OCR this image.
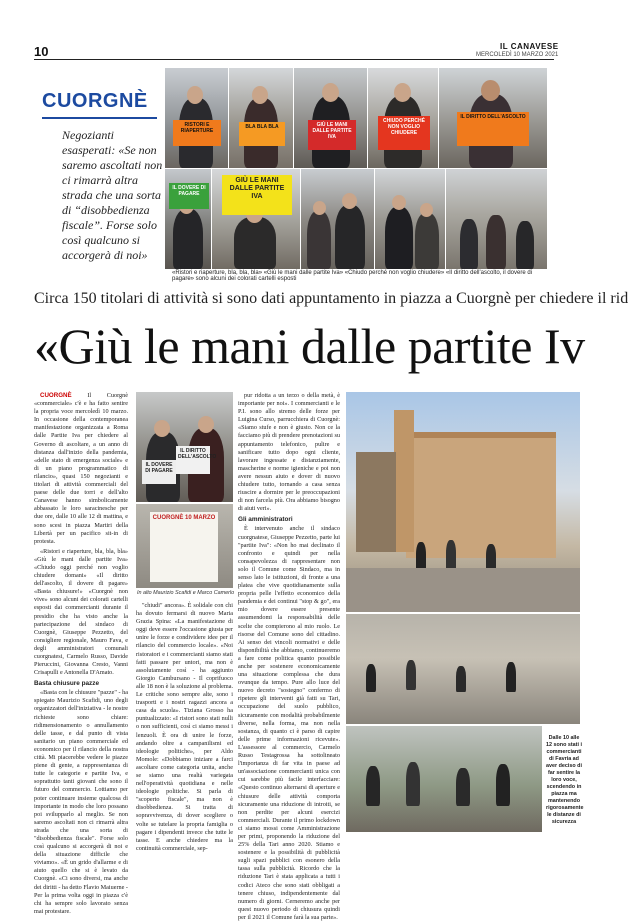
10	IL CANAVESE
MERCOLEDÌ 10 MARZO 2021
CUORGNÈ
Negozianti esasperati: «Se non saremo ascoltati non ci rimarrà altra strada che una sorta di “disobbedienza fiscale”. Forse solo così qualcuno si accorgerà di noi»
RISTORI E RIAPERTURE
BLA BLA BLA	GIÙ LE MANI DALLE PARTITE IVA
CHIUDO PERCHÉ NON VOGLIO CHIUDERE
IL DIRITTO DELL'ASCOLTO
IL DOVERE DI PAGARE
GIÙ LE MANI DALLE PARTITE IVA
«Ristori e riaperture, bla, bla, bla» «Giù le mani dalle partite Iva» «Chiudo perché non voglio chiudere» «Il diritto dell'ascolto, il dovere di pagare» sono alcuni dei colorati cartelli esposti
Circa 150 titolari di attività si sono dati appuntamento in piazza a Cuorgnè per chiedere il rid
«Giù le mani dalle partite Iv

CUORGNÈ	Il Cuorgnè «commerciale» c'è e ha fatto sentire la propria voce mercoledì 10 marzo. In occasione della contemporanea manifestazione organizzata a Roma dalle Partite Iva per chiedere al Governo di ascoltare, a un anno di distanza dall'inizio della pandemia, «delle stato di emergenza sociale» e di un piano programmatico di rilancio», quasi 150 negozianti e titolari di attività commerciali del paese delle due torri e dell'alto Canavese hanno simbolicamente abbassato le loro saracinesche per due ore, dalle 10 alle 12 di mattina, e sono scesi in piazza Martiri della Libertà per un pacifico sit-in di protesta.

«Ristori e riaperture, bla, bla, bla» «Giù le mani dalle partite Iva» «Chiudo oggi perché non voglio chiudere domani» «Il diritto dell'ascolto, il dovere di pagare» «Basta chiusure!» «Cuorgnè non vive» sono alcuni dei colorati cartelli esposti dai commercianti durante il presidio che ha visto anche la partecipazione del sindaco di Cuorgnè, Giuseppe Pezzetto, del consigliere regionale, Mauro Fava, e degli amministratori comunali cuorgnatesi, Carmelo Russo, Davide Pieruccini, Giovanna Cresto, Vanni Crisapulli e Antonella D'Amato.

Basta chiusure pazze

«Basta con le chiusure "pazze" - ha spiegato Maurizio Scafidi, uno degli organizzatori dell'iniziativa - le nostre richieste sono chiare: ridimensionamento o annullamento delle tasse, e dal punto di vista sanitario un piano commerciale ed economico per il rilancio della nostra città. Mi piacerebbe vedere le piazze piene di gente, a rappresentanza di tutte le categorie e partite Iva, e soprattutto tanti giovani che sono il futuro del commercio. Lottiamo per poter continuare insieme qualcosa di importante in modo che loro possano poi svilupparlo al meglio. Se non saremo ascoltati non ci rimarrà altra strada che una sorta di "disobbedienza fiscale". Forse solo così qualcuno si accorgerà di noi e della situazione difficile che viviamo». «È un grido d'allarme e di aiuto quello che si è levato da Cuorgnè. «Ci sono diversi, ma anche dei diritti - ha detto Flavio Maiuerne - Per la prima volta oggi in piazza c'è chi ha sempre solo lavorato senza mai protestare.

IL DIRITTO DELL'ASCOLTO
IL DOVERE DI PAGARE
CUORGNÈ 10 MARZO
In alto Maurizio Scafidi e Marco Camerlo

"chiudi" ancora». È solidale con chi ha dovuto fermarsi di nuovo Maria Grazia Spina: «La manifestazione di oggi deve essere l'occasione giusta per unire le forze e condividere idee per il rilancio del commercio locale». «Noi ristoratori e i commercianti siamo stati fatti passare per untori, ma non è assolutamente così - ha aggiunto Giorgio Cambursano - Il coprifuoco alle 18 non è la soluzione al problema. Le critiche sono sempre alte, sono i trasporti e i nostri ragazzi ancora a casa da scuola». Tiziana Grosso ha puntualizzato: «I ristori sono stati nulli o non sufficienti, così ci siamo messi i lenzuoli. È ora di unire le forze, andando oltre a campanilismi ed ideologie politiche», per Aldo Momole: «Dobbiamo iniziare a farci ascoltare come categoria unita, anche se siamo una realtà variegata nell'operatività quotidiana e nelle ideologie politiche. Si parla di "scoperto fiscale", ma non è disobbedienza. Si tratta di sopravvivenza, di dover scegliere o volte se tutelare la propria famiglia o pagare i dipendenti invece che tutte le tasse. E anche chiedere ma la continuità commerciale, sep-

pur ridotta a un terzo o della metà, è importante per noi». I commercianti e le P.I. sono allo stremo delle forze per Luigina Curso, parrucchiera di Cuorgnè: «Siamo stufe e non è giusto. Non ce la facciamo più di prendere prenotazioni su appuntamento telefonico, pulire e sanificare tutto dopo ogni cliente, lavorare ingessate e distanziamente, mascherine e norme igieniche e poi non avere nessun aiuto e dover di nuovo chiudere tutto, tornando a casa senza riuscire a dormire per le preoccupazioni di non farcela più. Ora abbiamo bisogno di aiuti veri».

Gli amministratori

È intervenuto anche il sindaco cuorgnatese, Giuseppe Pezzetto, parte lui "partite Iva": «Non ho mai declinato il confronto e quindi per nella consapevolezza di rappresentare non solo il Comune come Sindaco, ma in senso lato le istituzioni, di fronte a una platea che vive quotidianamente sulla propria pelle l'effetto economico della pandemia e dei continui "stop & go", era mio dovere essere presente assumendomi la responsabilità delle scelte che compierono al mio ruolo. Le risorse del Comune sono del cittadino. Ai senso dei vincoli normativi e delle disponibilità che abbiamo, continueremo a fare come politica quanto possibile anche per sostenere economicamente una situazione complessa che dura ovunque da tempo. Pure allo luce del nuovo decreto "sostegno" confermo di ripetere gli interventi già fatti su Tari, occupazione del suolo pubblico, sicuramente con modalità probabilmente diverse, nella forma, ma non nella sostanza, di quanto ci è parso di capire delle prime informazioni ricevute». L'assessore al commercio, Carmelo Russo Testagrossa ha sottolineato l'importanza di far vita in paese ad un'associazione commercianti unica con cui sarebbe più facile interfacciare: «Questo continuo alternarsi di aperture e chiusure delle attività comporta sicuramente una riduzione di introiti, se non perdite per alcuni esercizi commerciali. Durante il primo lockdown ci siamo mossi come Amministrazione per primi, proponendo la riduzione del 25% della Tari anno 2020. Stiamo e sostenere e la possibilità di pubblicità sugli spazi pubblici con esonero della tassa sulla pubblicità. Ricordo che la riduzione Tari è stata applicata a tutti i codici Ateco che sono stati obbligati a tenere chiuso, indipendentemente dal numero di giorni. Cerneremo anche per quest nuovo periodo di chiusura quindi per il 2021 il Comune farà la sua parte».

Dalle 10 alle 12 sono stati i commercianti di Favria ad aver deciso di far sentire la loro voce, scendendo in piazza ma mantenendo rigorosamente le distanze di sicurezza
